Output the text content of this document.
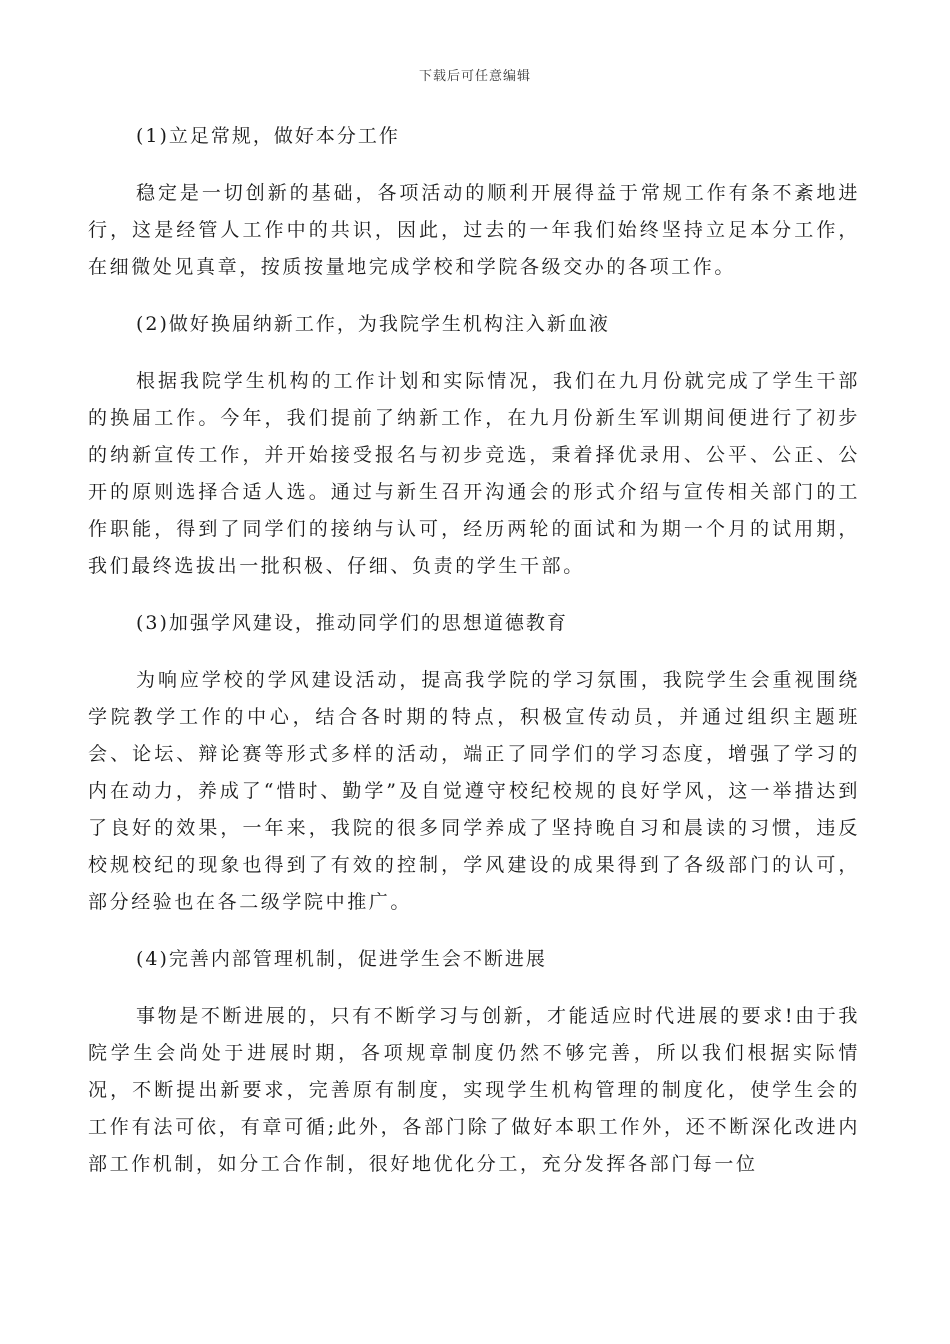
下载后可任意编辑
(1)立足常规，做好本分工作
稳定是一切创新的基础，各项活动的顺利开展得益于常规工作有条不紊地进行，这是经管人工作中的共识，因此，过去的一年我们始终坚持立足本分工作，在细微处见真章，按质按量地完成学校和学院各级交办的各项工作。
(2)做好换届纳新工作，为我院学生机构注入新血液
根据我院学生机构的工作计划和实际情况，我们在九月份就完成了学生干部的换届工作。今年，我们提前了纳新工作，在九月份新生军训期间便进行了初步的纳新宣传工作，并开始接受报名与初步竞选，秉着择优录用、公平、公正、公开的原则选择合适人选。通过与新生召开沟通会的形式介绍与宣传相关部门的工作职能，得到了同学们的接纳与认可，经历两轮的面试和为期一个月的试用期，我们最终选拔出一批积极、仔细、负责的学生干部。
(3)加强学风建设，推动同学们的思想道德教育
为响应学校的学风建设活动，提高我学院的学习氛围，我院学生会重视围绕学院教学工作的中心，结合各时期的特点，积极宣传动员，并通过组织主题班会、论坛、辩论赛等形式多样的活动，端正了同学们的学习态度，增强了学习的内在动力，养成了“惜时、勤学”及自觉遵守校纪校规的良好学风，这一举措达到了良好的效果，一年来，我院的很多同学养成了坚持晚自习和晨读的习惯，违反校规校纪的现象也得到了有效的控制，学风建设的成果得到了各级部门的认可，部分经验也在各二级学院中推广。
(4)完善内部管理机制，促进学生会不断进展
事物是不断进展的，只有不断学习与创新，才能适应时代进展的要求!由于我院学生会尚处于进展时期，各项规章制度仍然不够完善，所以我们根据实际情况，不断提出新要求，完善原有制度，实现学生机构管理的制度化，使学生会的工作有法可依，有章可循;此外，各部门除了做好本职工作外，还不断深化改进内部工作机制，如分工合作制，很好地优化分工，充分发挥各部门每一位
